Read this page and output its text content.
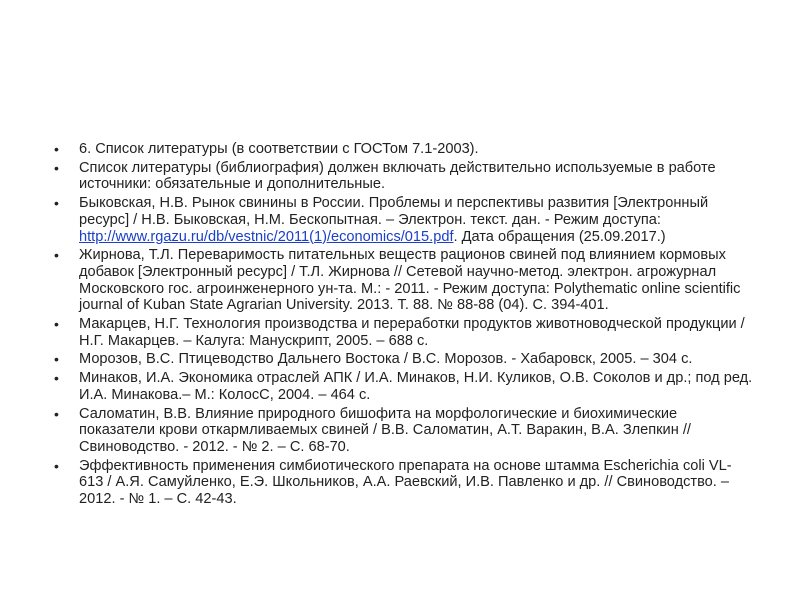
• 6. Список литературы (в соответствии с ГОСТом 7.1-2003).
• Список литературы (библиография) должен включать действительно используемые в работе источники: обязательные и дополнительные.
• Быковская, Н.В. Рынок свинины в России. Проблемы и перспективы развития [Электронный ресурс] / Н.В. Быковская, Н.М. Бескопытная. – Электрон. текст. дан. - Режим доступа: http://www.rgazu.ru/db/vestnic/2011(1)/economics/015.pdf. Дата обращения (25.09.2017.)
• Жирнова, Т.Л. Переваримость питательных веществ рационов свиней под влиянием кормовых добавок [Электронный ресурс] / Т.Л. Жирнова // Сетевой научно-метод. электрон. агрожурнал Московского гос. агроинженерного ун-та. М.: - 2011. - Режим доступа: Polythematic online scientific journal of Kuban State Agrarian University. 2013. Т. 88. № 88-88 (04). С. 394-401.
• Макарцев, Н.Г. Технология производства и переработки продуктов животноводческой продукции / Н.Г. Макарцев. – Калуга: Манускрипт, 2005. – 688 с.
• Морозов, В.С. Птицеводство Дальнего Востока / В.С. Морозов. - Хабаровск, 2005. – 304 с.
• Минаков, И.А. Экономика отраслей АПК / И.А. Минаков, Н.И. Куликов, О.В. Соколов и др.; под ред. И.А. Минакова.– М.: КолосС, 2004. – 464 с.
• Саломатин, В.В. Влияние природного бишофита на морфологические и биохимические показатели крови откармливаемых свиней / В.В. Саломатин, А.Т. Варакин, В.А. Злепкин // Свиноводство. - 2012. - № 2. – С. 68-70.
• Эффективность применения симбиотического препарата на основе штамма Escherichia coli VL-613 / А.Я. Самуйленко, Е.Э. Школьников, А.А. Раевский, И.В. Павленко и др. // Свиноводство. – 2012. - № 1. – С. 42-43.
